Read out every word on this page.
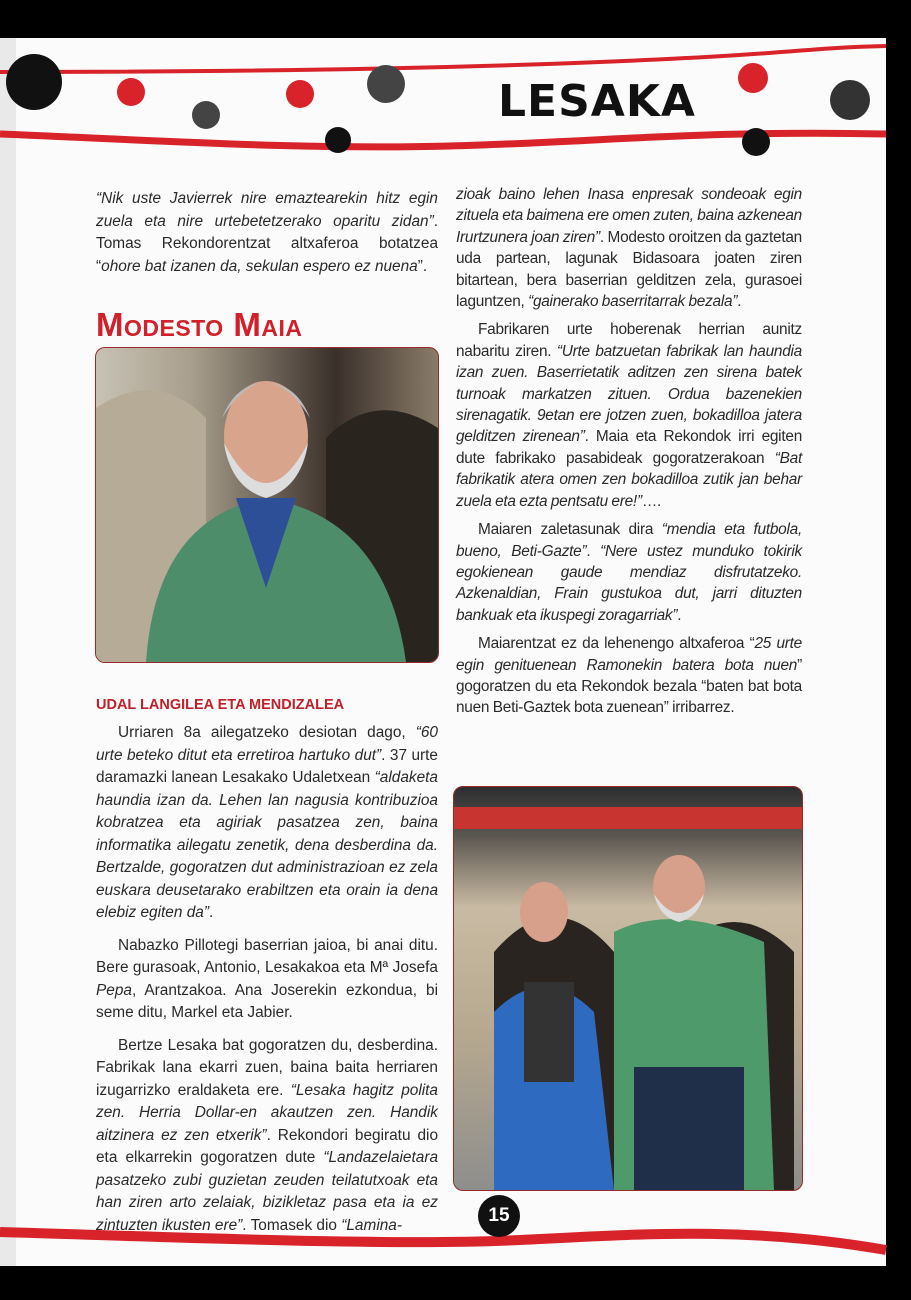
LESAKA

“Nik uste Javierrek nire emaztearekin hitz egin zuela eta nire urtebetetzerako oparitu zidan”. Tomas Rekondorentzat altxaferoa botatzea “ohore bat izanen da, sekulan espero ez nuena”.

Modesto Maia
UDAL LANGILEA ETA MENDIZALEA

Urriaren 8a ailegatzeko desiotan dago, “60 urte beteko ditut eta erretiroa hartuko dut”. 37 urte daramazki lanean Lesakako Udaletxean “aldaketa haundia izan da. Lehen lan nagusia kontribuzioa kobratzea eta agiriak pasatzea zen, baina informatika ailegatu zenetik, dena desberdina da. Bertzalde, gogoratzen dut administrazioan ez zela euskara deusetarako erabiltzen eta orain ia dena elebiz egiten da”.

Nabazko Pillotegi baserrian jaioa, bi anai ditu. Bere gurasoak, Antonio, Lesakakoa eta Mª Josefa Pepa, Arantzakoa. Ana Joserekin ezkondua, bi seme ditu, Markel eta Jabier.

Bertze Lesaka bat gogoratzen du, desberdina. Fabrikak lana ekarri zuen, baina baita herriaren izugarrizko eraldaketa ere. “Lesaka hagitz polita zen. Herria Dollar-en akautzen zen. Handik aitzinera ez zen etxerik”. Rekondori begiratu dio eta elkarrekin gogoratzen dute “Landazelaietara pasatzeko zubi guzietan zeuden teilatutxoak eta han ziren arto zelaiak, bizikletaz pasa eta ia ez zintuzten ikusten ere”. Tomasek dio “Lamina-

zioak baino lehen Inasa enpresak sondeoak egin zituela eta baimena ere omen zuten, baina azkenean Irurtzunera joan ziren”. Modesto oroitzen da gaztetan uda partean, lagunak Bidasoara joaten ziren bitartean, bera baserrian gelditzen zela, gurasoei laguntzen, “gainerako baserritarrak bezala”.

Fabrikaren urte hoberenak herrian aunitz nabaritu ziren. “Urte batzuetan fabrikak lan haundia izan zuen. Baserrietatik aditzen zen sirena batek turnoak markatzen zituen. Ordua bazenekien sirenagatik. 9etan ere jotzen zuen, bokadilloa jatera gelditzen zirenean”. Maia eta Rekondok irri egiten dute fabrikako pasabideak gogoratzerakoan “Bat fabrikatik atera omen zen bokadilloa zutik jan behar zuela eta ezta pentsatu ere!”….

Maiaren zaletasunak dira “mendia eta futbola, bueno, Beti-Gazte”. “Nere ustez munduko tokirik egokienean gaude mendiaz disfrutatzeko. Azkenaldian, Frain gustukoa dut, jarri dituzten bankuak eta ikuspegi zoragarriak”.

Maiarentzat ez da lehenengo altxaferoa “25 urte egin genituenean Ramonekin batera bota nuen” gogoratzen du eta Rekondok bezala “baten bat bota nuen Beti-Gaztek bota zuenean” irribarrez.

15
